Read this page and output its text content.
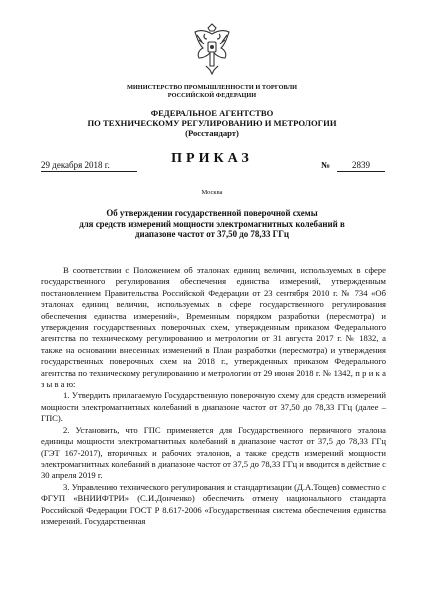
МИНИСТЕРСТВО ПРОМЫШЛЕННОСТИ И ТОРГОВЛИ
РОССИЙСКОЙ ФЕДЕРАЦИИ
ФЕДЕРАЛЬНОЕ АГЕНТСТВО
ПО ТЕХНИЧЕСКОМУ РЕГУЛИРОВАНИЮ И МЕТРОЛОГИИ
(Росстандарт)
ПРИКАЗ
29 декабря 2018 г.	№	2839
Москва
Об утверждении государственной поверочной схемы
для средств измерений мощности электромагнитных колебаний в
диапазоне частот от 37,50 до 78,33 ГГц

В соответствии с Положением об эталонах единиц величин, используемых в сфере государственного регулирования обеспечения единства измерений, утвержденным постановлением Правительства Российской Федерации от 23 сентября 2010 г. № 734 «Об эталонах единиц величин, используемых в сфере государственного регулирования обеспечения единства измерений», Временным порядком разработки (пересмотра) и утверждения государственных поверочных схем, утвержденным приказом Федерального агентства по техническому регулированию и метрологии от 31 августа 2017 г. № 1832, а также на основании внесенных изменений в План разработки (пересмотра) и утверждения государственных поверочных схем на 2018 г., утвержденных приказом Федерального агентства по техническому регулированию и метрологии от 29 июня 2018 г. № 1342, п р и к а з ы в а ю:

1. Утвердить прилагаемую Государственную поверочную схему для средств измерений мощности электромагнитных колебаний в диапазоне частот от 37,50 до 78,33 ГГц (далее – ГПС).

2. Установить, что ГПС применяется для Государственного первичного эталона единицы мощности электромагнитных колебаний в диапазоне частот от 37,5 до 78,33 ГГц (ГЭТ 167-2017), вторичных и рабочих эталонов, а также средств измерений мощности электромагнитных колебаний в диапазоне частот от 37,5 до 78,33 ГГц и вводится в действие с 30 апреля 2019 г.

3. Управлению технического регулирования и стандартизации (Д.А.Тощев) совместно с ФГУП «ВНИИФТРИ» (С.И.Донченко) обеспечить отмену национального стандарта Российской Федерации ГОСТ Р 8.617-2006 «Государственная система обеспечения единства измерений. Государственная
